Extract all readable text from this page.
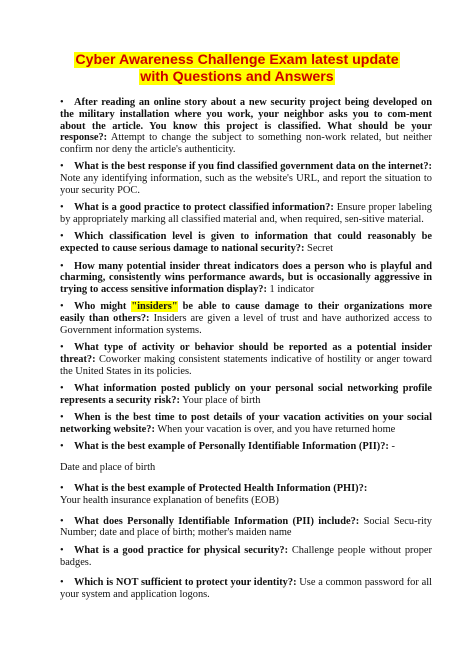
Cyber Awareness Challenge Exam latest update
with Questions and Answers
• After reading an online story about a new security project being developed on the military installation where you work, your neighbor asks you to com-ment about the article. You know this project is classified. What should be your response?: Attempt to change the subject to something non-work related, but neither confirm nor deny the article's authenticity.
• What is the best response if you find classified government data on the internet?: Note any identifying information, such as the website's URL, and report the situation to your security POC.
• What is a good practice to protect classified information?: Ensure proper labeling by appropriately marking all classified material and, when required, sen-sitive material.
• Which classification level is given to information that could reasonably be expected to cause serious damage to national security?: Secret
• How many potential insider threat indicators does a person who is playful and charming, consistently wins performance awards, but is occasionally aggressive in trying to access sensitive information display?: 1 indicator
• Who might "insiders" be able to cause damage to their organizations more easily than others?: Insiders are given a level of trust and have authorized access to Government information systems.
• What type of activity or behavior should be reported as a potential insider threat?: Coworker making consistent statements indicative of hostility or anger toward the United States in its policies.
• What information posted publicly on your personal social networking profile represents a security risk?: Your place of birth
• When is the best time to post details of your vacation activities on your social networking website?: When your vacation is over, and you have returned home
• What is the best example of Personally Identifiable Information (PII)?: -
Date and place of birth
• What is the best example of Protected Health Information (PHI)?:
Your health insurance explanation of benefits (EOB)
• What does Personally Identifiable Information (PII) include?: Social Secu-rity Number; date and place of birth; mother's maiden name
• What is a good practice for physical security?: Challenge people without proper badges.
• Which is NOT sufficient to protect your identity?: Use a common password for all your system and application logons.
